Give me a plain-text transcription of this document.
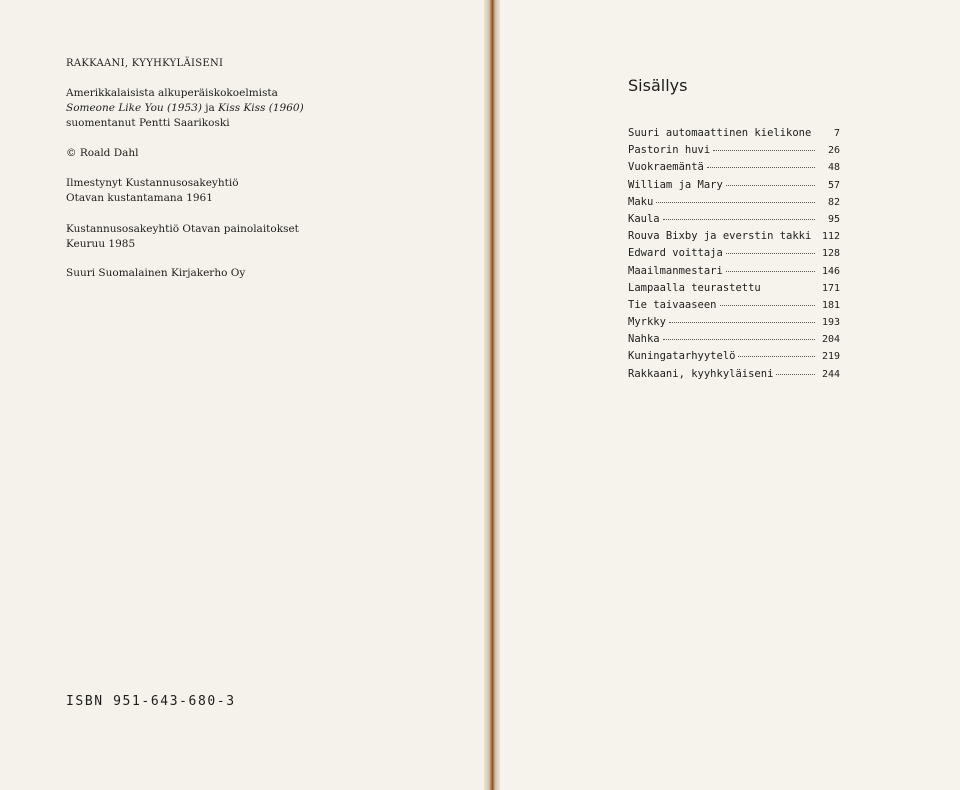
RAKKAANI, KYYHKYLÄISENI

Amerikkalaisista alkuperäiskokoelmista

Someone Like You (1953) ja Kiss Kiss (1960)

suomentanut Pentti Saarikoski

© Roald Dahl

Ilmestynyt Kustannusosakeyhtiö

Otavan kustantamana 1961

Kustannusosakeyhtiö Otavan painolaitokset

Keuruu 1985

Suuri Suomalainen Kirjakerho Oy
ISBN 951-643-680-3
Sisällys
Suuri automaattinen kielikone	7
Pastorin huvi	26
Vuokraemäntä	48
William ja Mary	57
Maku	82
Kaula	95
Rouva Bixby ja everstin takki	112
Edward voittaja	128
Maailmanmestari	146
Lampaalla teurastettu	171
Tie taivaaseen	181
Myrkky	193
Nahka	204
Kuningatarhyytelö	219
Rakkaani, kyyhkyläiseni	244
